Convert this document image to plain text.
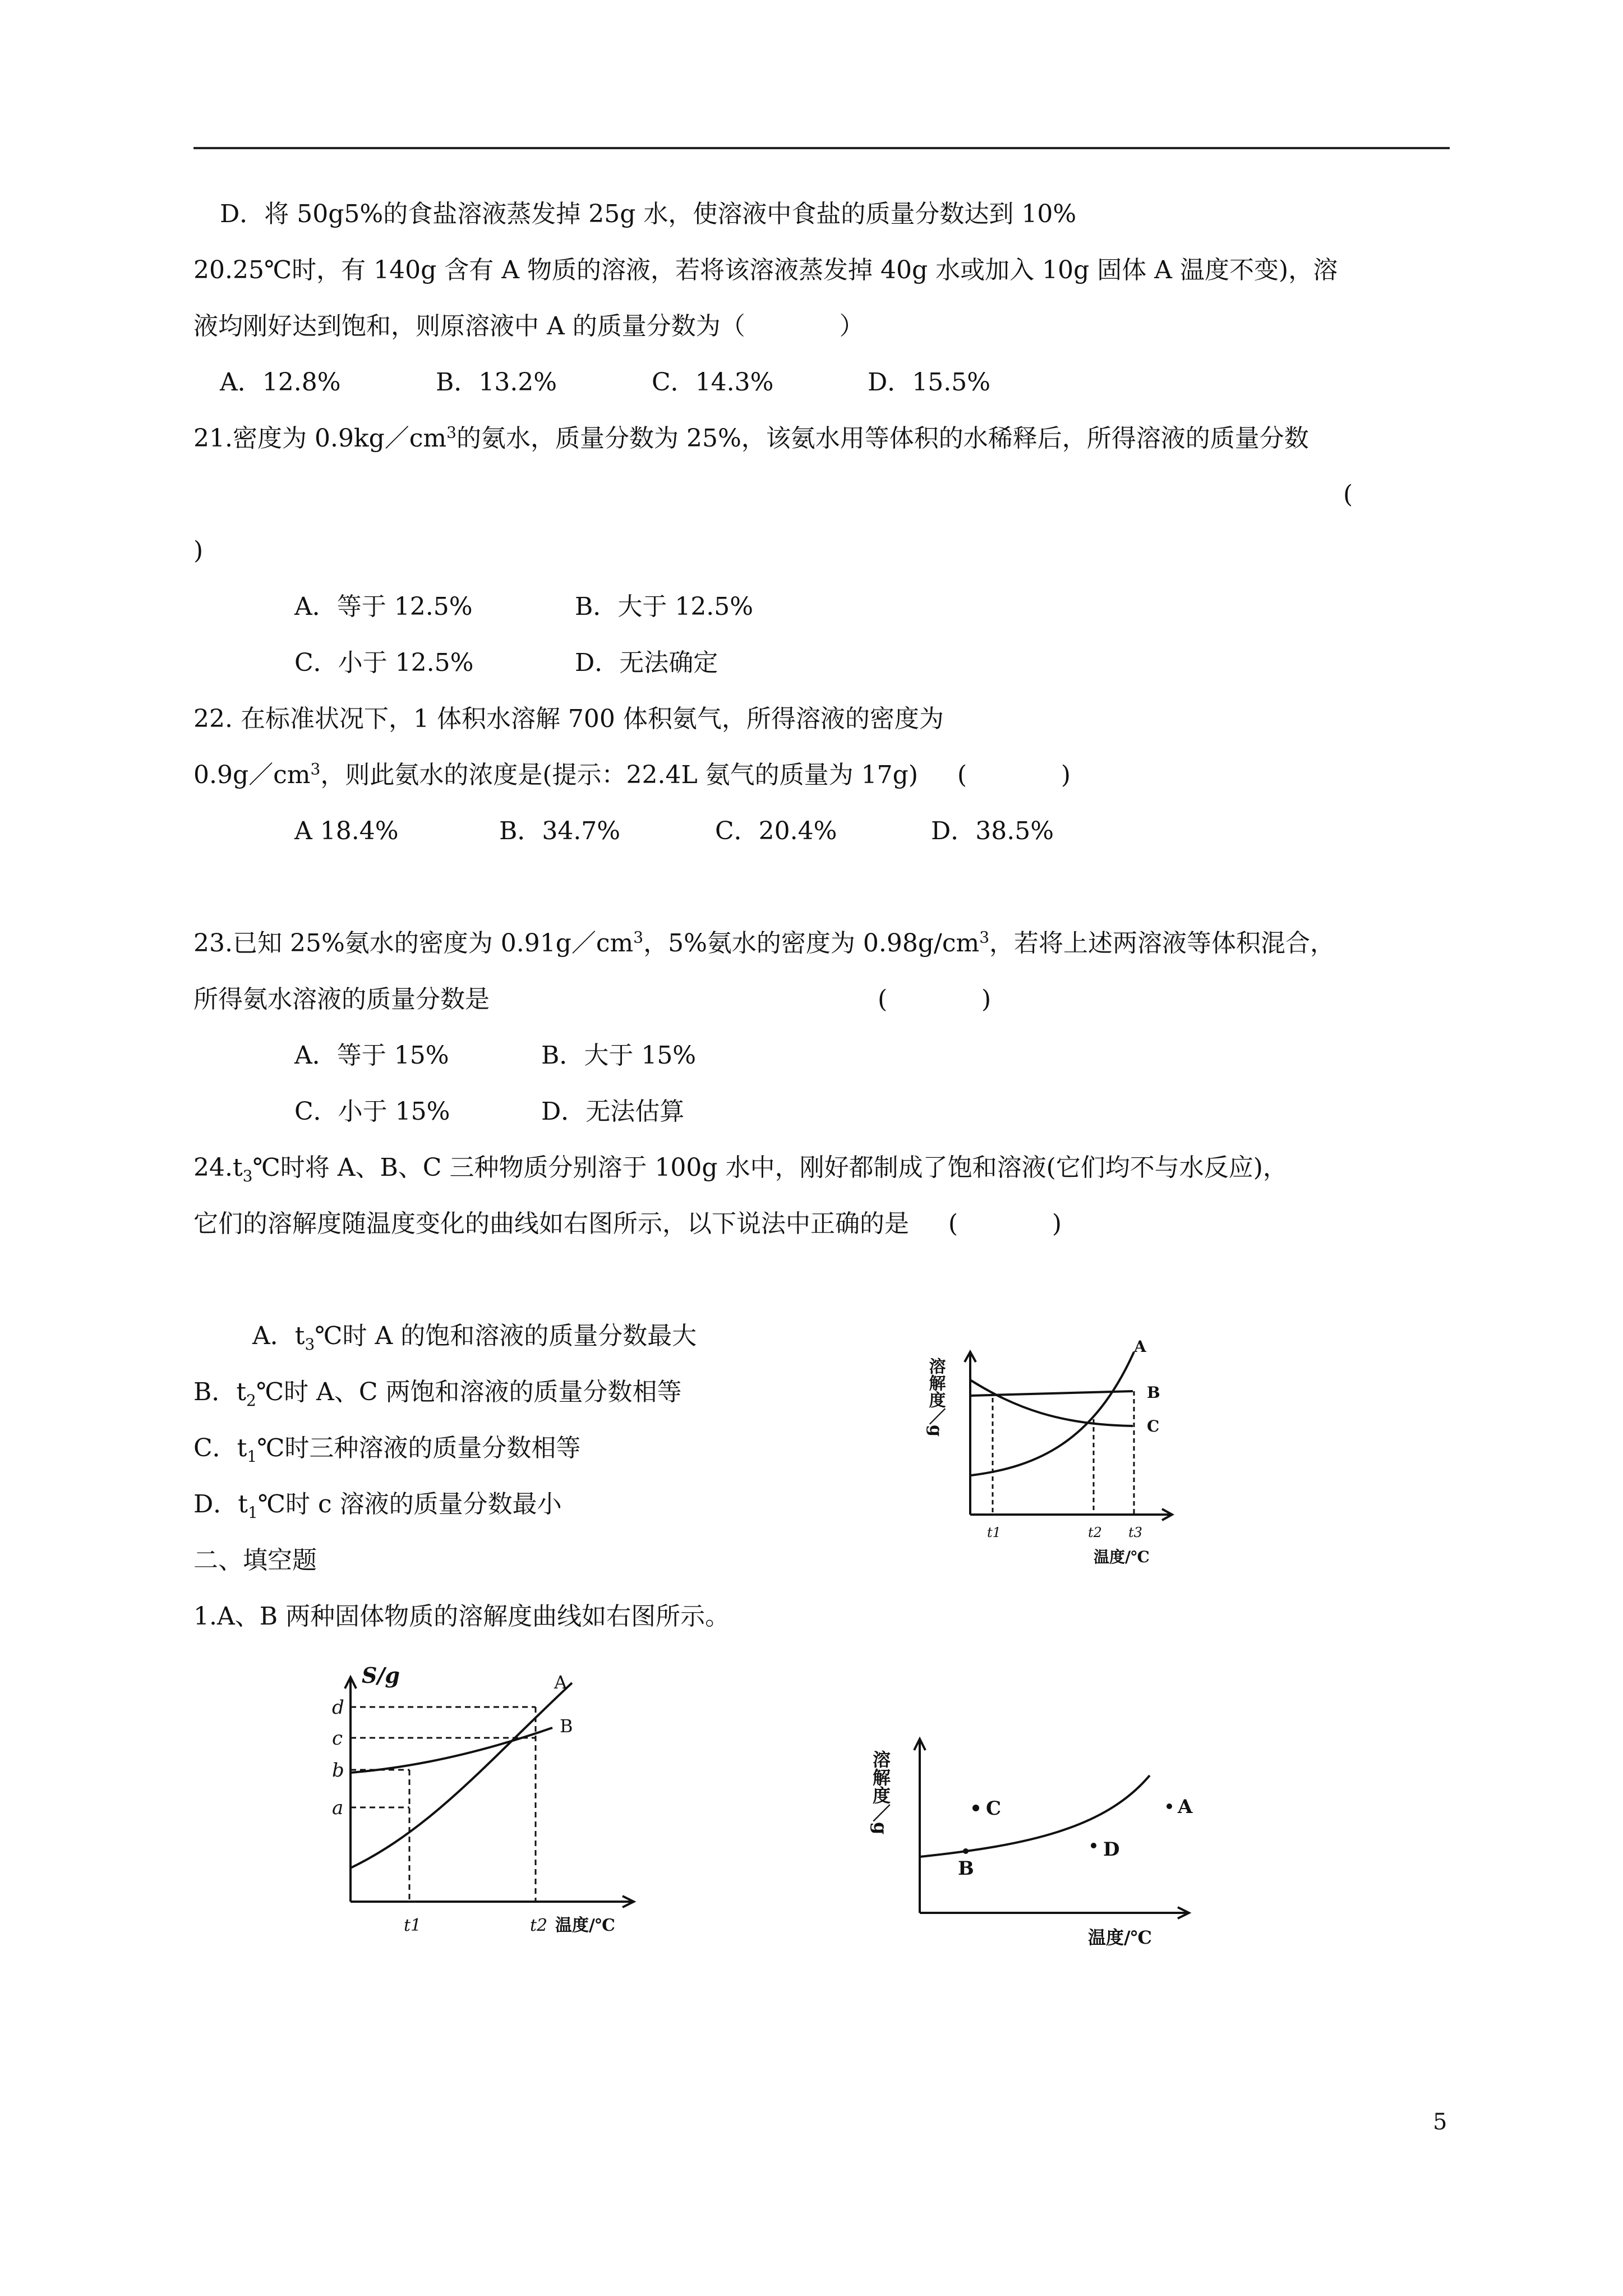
D．将 50g5%的食盐溶液蒸发掉 25g 水，使溶液中食盐的质量分数达到 10%
20.25℃时，有 140g 含有 A 物质的溶液，若将该溶液蒸发掉 40g 水或加入 10g 固体 A 温度不变)，溶
液均刚好达到饱和，则原溶液中 A 的质量分数为（            ）
A．12.8%	B．13.2%	C．14.3%	D．15.5%
21.密度为 $0.9kg/cm^3$的氨水，质量分数为 25%，该氨水用等体积的水稀释后，所得溶液的质量分数
(
)
A．等于 12.5%	B．大于 12.5%
C．小于 12.5%	D．无法确定
22. 在标准状况下，1 体积水溶解 700 体积氨气，所得溶液的密度为
$0.9g/cm^3$，则此氨水的浓度是(提示：22.4L 氨气的质量为 17g)     (            )
A 18.4%	B．34.7%	C．20.4%	D．38.5%
23.已知 25%氨水的密度为 $0.91g/cm^3$，5%氨水的密度为 $0.98g/cm^3$，若将上述两溶液等体积混合，
所得氨水溶液的质量分数是	(            )
A．等于 15%	B．大于 15%
C．小于 15%	D．无法估算
$24.t_3℃$时将 A、B、C 三种物质分别溶于 100g 水中，刚好都制成了饱和溶液(它们均不与水反应)，
它们的溶解度随温度变化的曲线如右图所示，以下说法中正确的是     (            )
A．$t_3℃$时 A 的饱和溶液的质量分数最大
B．$t_2℃$时 A、C 两饱和溶液的质量分数相等
C．$t_1℃$时三种溶液的质量分数相等
D．$t_1℃$时 c 溶液的质量分数最小
溶解度／g
A
B
C
t1	t2 t3
温度/℃
二、填空题
1.A、B 两种固体物质的溶解度曲线如右图所示。
S/g
d
c
b
a
t1	t2 温度/℃
A
B
溶解度／g	C	A
D
B
温度/℃
5
